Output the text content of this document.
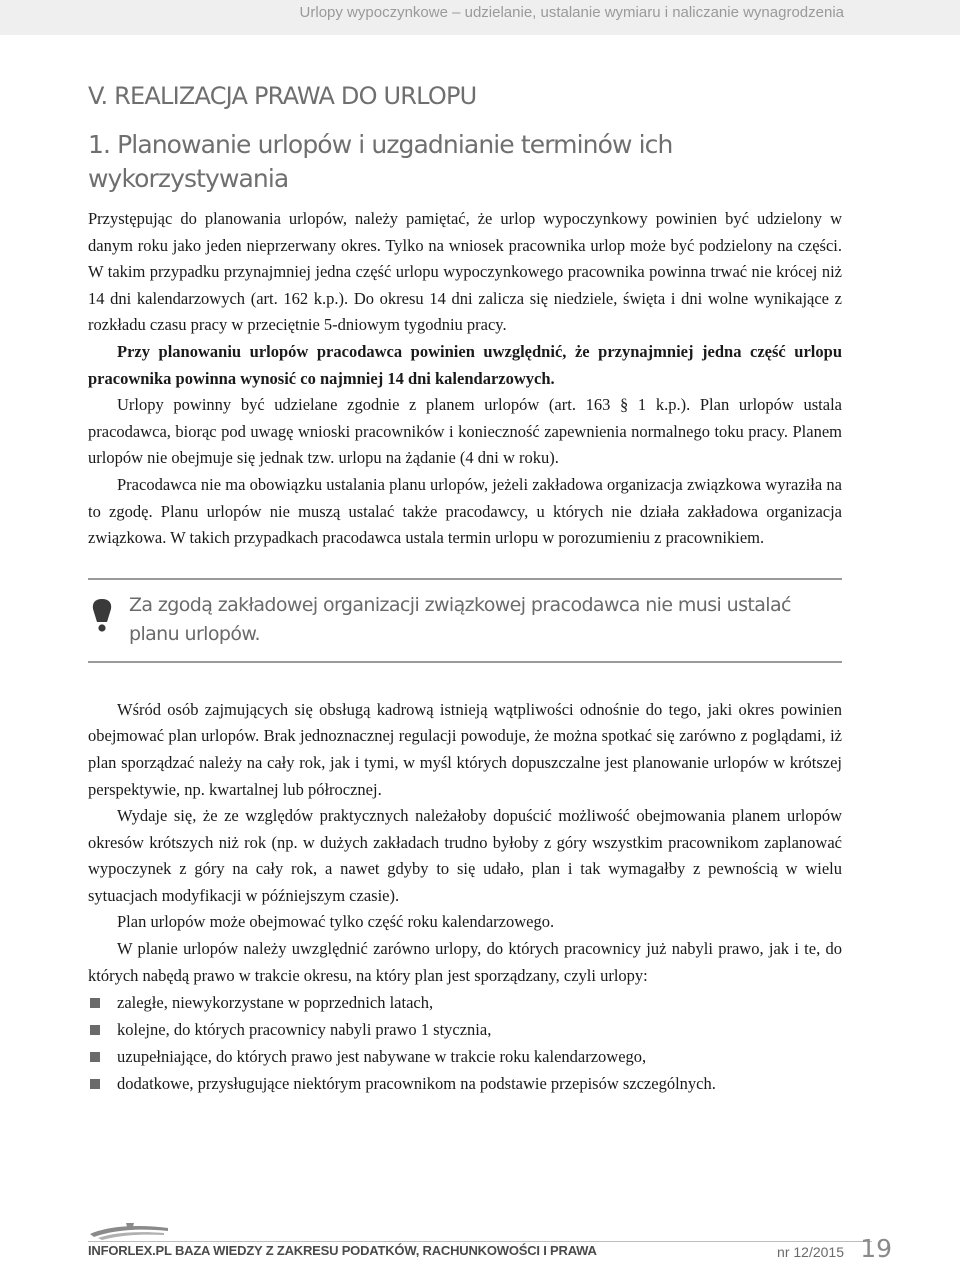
Urlopy wypoczynkowe – udzielanie, ustalanie wymiaru i naliczanie wynagrodzenia
V. REALIZACJA PRAWA DO URLOPU
1. Planowanie urlopów i uzgadnianie terminów ich
wykorzystywania

Przystępując do planowania urlopów, należy pamiętać, że urlop wypoczynkowy powinien być udzielony w danym roku jako jeden nieprzerwany okres. Tylko na wniosek pracownika urlop może być podzielony na części. W takim przypadku przynajmniej jedna część urlopu wypoczynkowego pracownika powinna trwać nie krócej niż 14 dni kalendarzowych (art. 162 k.p.). Do okresu 14 dni zalicza się niedziele, święta i dni wolne wynikające z rozkładu czasu pracy w przeciętnie 5-dniowym tygodniu pracy.

Przy planowaniu urlopów pracodawca powinien uwzględnić, że przynajmniej jedna część urlopu pracownika powinna wynosić co najmniej 14 dni kalendarzowych.

Urlopy powinny być udzielane zgodnie z planem urlopów (art. 163 § 1 k.p.). Plan urlopów ustala pracodawca, biorąc pod uwagę wnioski pracowników i konieczność zapewnienia normalnego toku pracy. Planem urlopów nie obejmuje się jednak tzw. urlopu na żądanie (4 dni w roku).

Pracodawca nie ma obowiązku ustalania planu urlopów, jeżeli zakładowa organizacja związkowa wyraziła na to zgodę. Planu urlopów nie muszą ustalać także pracodawcy, u których nie działa zakładowa organizacja związkowa. W takich przypadkach pracodawca ustala termin urlopu w porozumieniu z pracownikiem.

Za zgodą zakładowej organizacji związkowej pracodawca nie musi ustalać planu urlopów.

Wśród osób zajmujących się obsługą kadrową istnieją wątpliwości odnośnie do tego, jaki okres powinien obejmować plan urlopów. Brak jednoznacznej regulacji powoduje, że można spotkać się zarówno z poglądami, iż plan sporządzać należy na cały rok, jak i tymi, w myśl których dopuszczalne jest planowanie urlopów w krótszej perspektywie, np. kwartalnej lub półrocznej.

Wydaje się, że ze względów praktycznych należałoby dopuścić możliwość obejmowania planem urlopów okresów krótszych niż rok (np. w dużych zakładach trudno byłoby z góry wszystkim pracownikom zaplanować wypoczynek z góry na cały rok, a nawet gdyby to się udało, plan i tak wymagałby z pewnością w wielu sytuacjach modyfikacji w późniejszym czasie).

Plan urlopów może obejmować tylko część roku kalendarzowego.

W planie urlopów należy uwzględnić zarówno urlopy, do których pracownicy już nabyli prawo, jak i te, do których nabędą prawo w trakcie okresu, na który plan jest sporządzany, czyli urlopy:

zaległe, niewykorzystane w poprzednich latach,
kolejne, do których pracownicy nabyli prawo 1 stycznia,
uzupełniające, do których prawo jest nabywane w trakcie roku kalendarzowego,
dodatkowe, przysługujące niektórym pracownikom na podstawie przepisów szczególnych.
INFORLEX.PL BAZA WIEDZY Z ZAKRESU PODATKÓW, RACHUNKOWOŚCI I PRAWA	nr 12/2015 19
